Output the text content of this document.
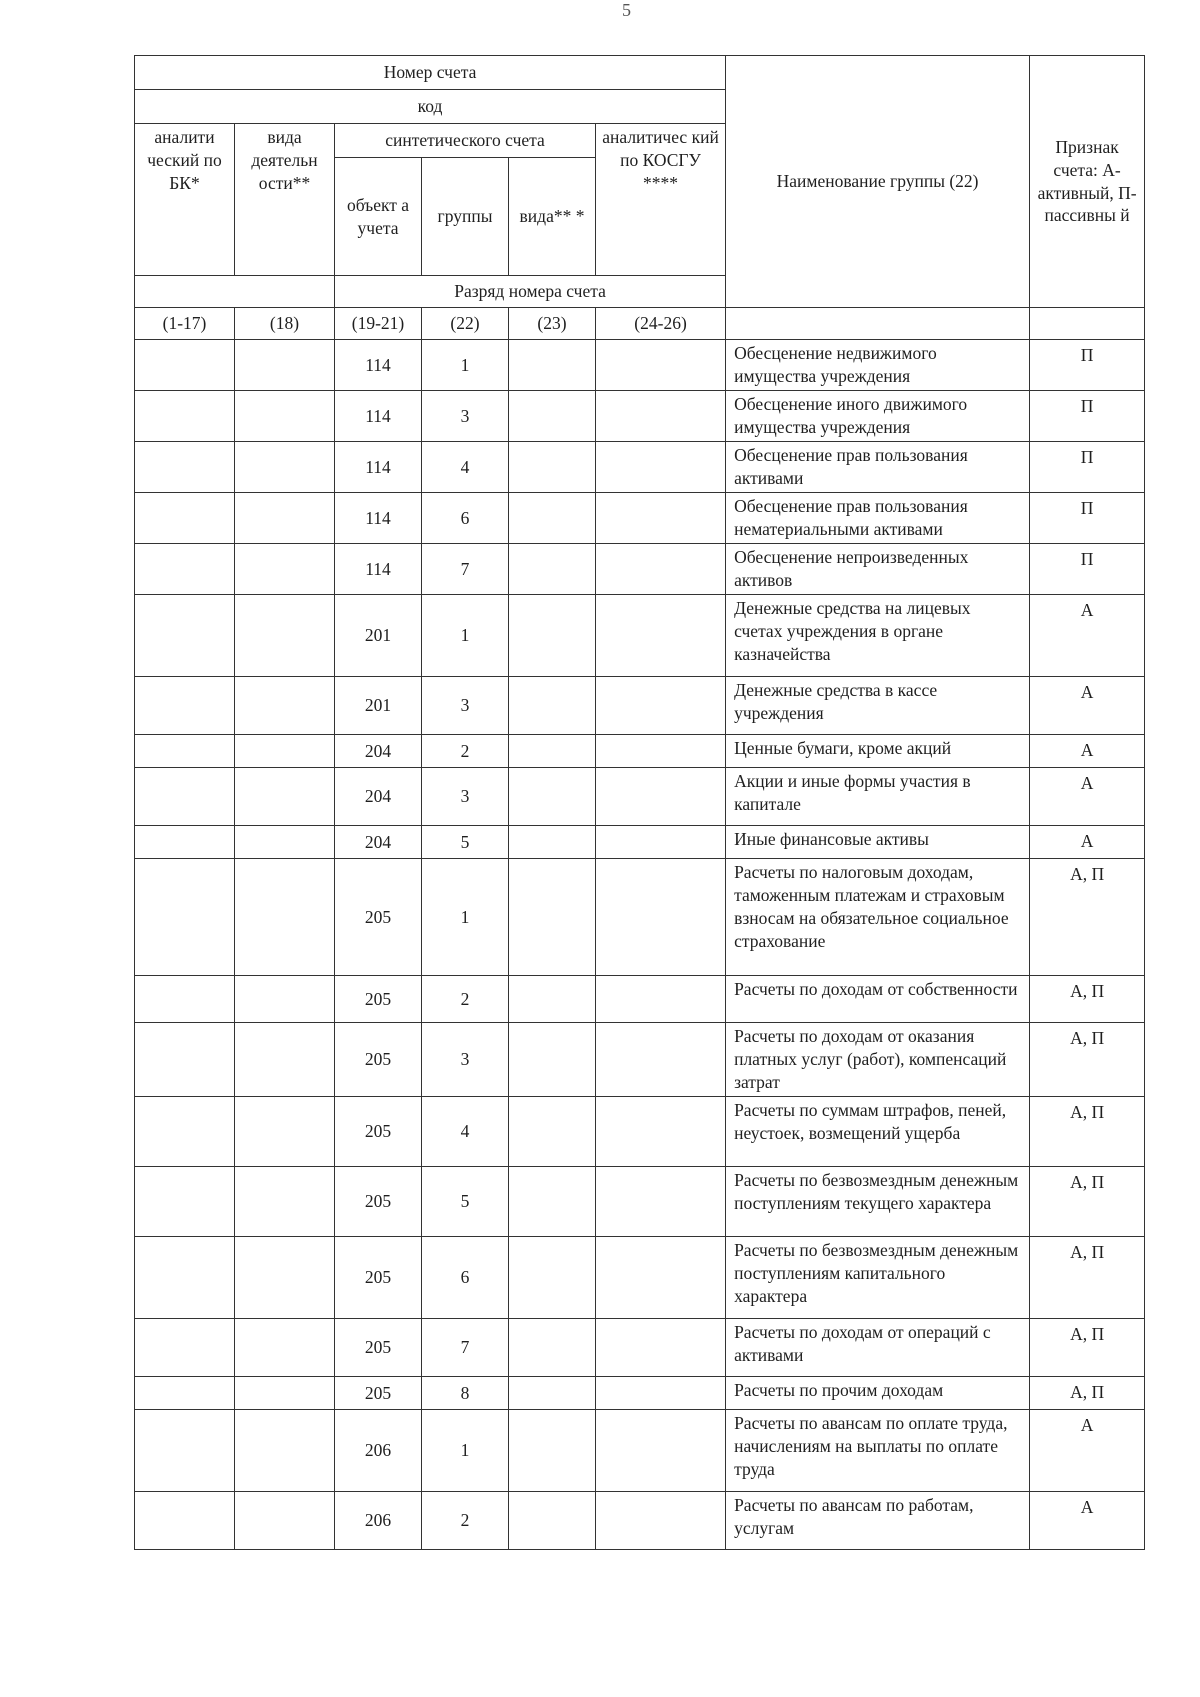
5
Номер счета						Наименование группы (22)	Признак счета: А-активный, П-пассивны й
код							
аналити ческий по БК*	вида деятельн ости**	синтетического счета			аналитичес кий по КОСГУ ****		
		объект а учета	группы	вида** *			
		Разряд номера счета					
(1-17)	(18)	(19-21)	(22)	(23)	(24-26)		
		114	1			Обесценение недвижимого имущества учреждения	П
		114	3			Обесценение иного движимого имущества учреждения	П
		114	4			Обесценение прав пользования активами	П
		114	6			Обесценение прав пользования нематериальными активами	П
		114	7			Обесценение непроизведенных активов	П
		201	1			Денежные средства на лицевых счетах учреждения в органе казначейства	А
		201	3			Денежные средства в кассе учреждения	А
		204	2			Ценные бумаги, кроме акций	А
		204	3			Акции и иные формы участия в капитале	А
		204	5			Иные финансовые активы	А
		205	1			Расчеты по налоговым доходам, таможенным платежам и страховым взносам на обязательное социальное страхование	А, П
		205	2			Расчеты по доходам от собственности	А, П
		205	3			Расчеты по доходам от оказания платных услуг (работ), компенсаций затрат	А, П
		205	4			Расчеты по суммам штрафов, пеней, неустоек, возмещений ущерба	А, П
		205	5			Расчеты по безвозмездным денежным поступлениям текущего характера	А, П
		205	6			Расчеты по безвозмездным денежным поступлениям капитального характера	А, П
		205	7			Расчеты по доходам от операций с активами	А, П
		205	8			Расчеты по прочим доходам	А, П
		206	1			Расчеты по авансам по оплате труда, начислениям на выплаты по оплате труда	А
		206	2			Расчеты по авансам по работам, услугам	А
